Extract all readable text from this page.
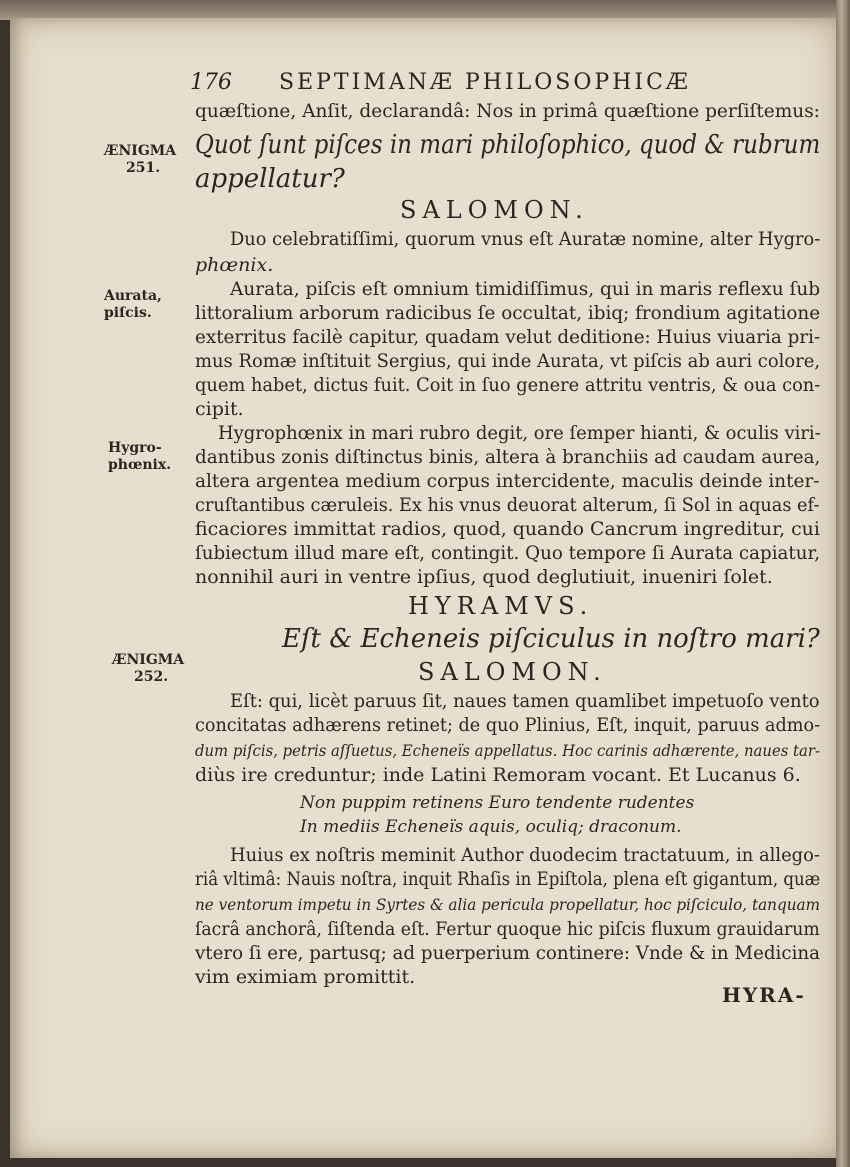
176 SEPTIMANÆ PHILOSOPHICÆ
ÆNIGMA
251.
Aurata,
piſcis.
Hygro-
phœnix.
ÆNIGMA
252.
quæſtione, Anſit, declarandâ: Nos in primâ quæſtione perſiſtemus:
Quot ſunt piſces in mari philoſophico, quod & rubrum
appellatur?
SALOMON.
Duo celebratiſſimi, quorum vnus eſt Auratæ nomine, alter Hygro-
phœnix.
Aurata, piſcis eſt omnium timidiſſimus, qui in maris reflexu ſub
littoralium arborum radicibus ſe occultat, ibiq; frondium agitatione
exterritus facilè capitur, quadam velut deditione: Huius viuaria pri-
mus Romæ inſtituit Sergius, qui inde Aurata, vt piſcis ab auri colore,
quem habet, dictus fuit. Coit in ſuo genere attritu ventris, & oua con-
cipit.
Hygrophœnix in mari rubro degit, ore ſemper hianti, & oculis viri-
dantibus zonis diſtinctus binis, altera à branchiis ad caudam aurea,
altera argentea medium corpus intercidente, maculis deinde inter-
cruſtantibus cæruleis. Ex his vnus deuorat alterum, ſi Sol in aquas ef-
ficaciores immittat radios, quod, quando Cancrum ingreditur, cui
ſubiectum illud mare eſt, contingit. Quo tempore ſi Aurata capiatur,
nonnihil auri in ventre ipſius, quod deglutiuit, inueniri ſolet.
HYRAMVS.
Eſt & Echeneis piſciculus in noſtro mari?
SALOMON.
Eſt: qui, licèt paruus ſit, naues tamen quamlibet impetuoſo vento
concitatas adhærens retinet; de quo Plinius, Eſt, inquit, paruus admo-
dum piſcis, petris aſſuetus, Echeneïs appellatus. Hoc carinis adhærente, naues tar-
diùs ire creduntur; inde Latini Remoram vocant. Et Lucanus 6.
Non puppim retinens Euro tendente rudentes
In mediis Echeneïs aquis, oculiq; draconum.
Huius ex noſtris meminit Author duodecim tractatuum, in allego-
riâ vltimâ: Nauis noſtra, inquit Rhaſis in Epiſtola, plena eſt gigantum, quæ
ne ventorum impetu in Syrtes & alia pericula propellatur, hoc piſciculo, tanquam
ſacrâ anchorâ, ſiſtenda eſt. Fertur quoque hic piſcis fluxum grauidarum
vtero ſi ere, partusq; ad puerperium continere: Vnde & in Medicina
vim eximiam promittit.
HYRA-
